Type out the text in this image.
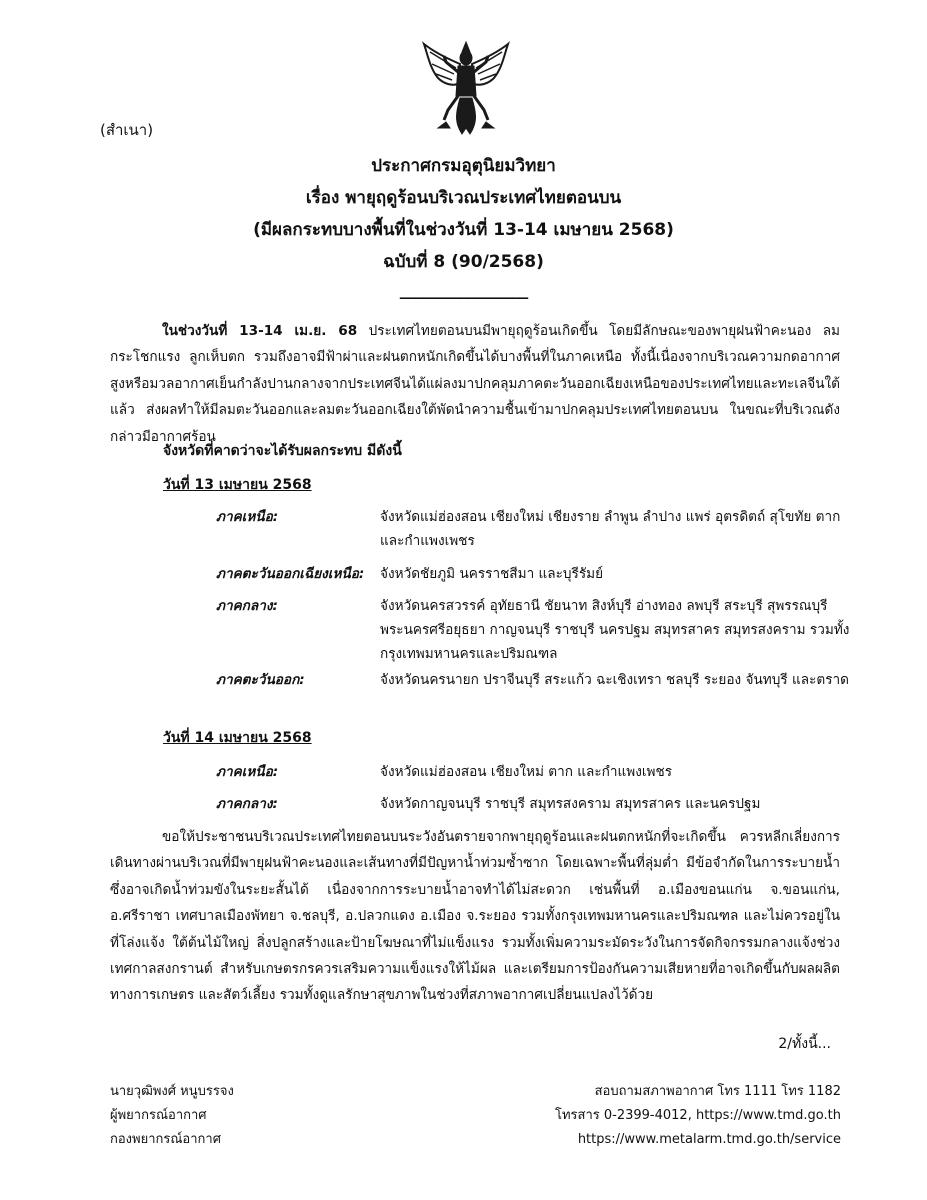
(สำเนา)
ประกาศกรมอุตุนิยมวิทยา
เรื่อง พายุฤดูร้อนบริเวณประเทศไทยตอนบน
(มีผลกระทบบางพื้นที่ในช่วงวันที่ 13-14 เมษายน 2568)
ฉบับที่ 8 (90/2568)
_________________
ในช่วงวันที่ 13-14 เม.ย. 68 ประเทศไทยตอนบนมีพายุฤดูร้อนเกิดขึ้น โดยมีลักษณะของพายุฝนฟ้าคะนอง ลมกระโชกแรง ลูกเห็บตก รวมถึงอาจมีฟ้าผ่าและฝนตกหนักเกิดขึ้นได้บางพื้นที่ในภาคเหนือ ทั้งนี้เนื่องจากบริเวณความกดอากาศสูงหรือมวลอากาศเย็นกำลังปานกลางจากประเทศจีนได้แผ่ลงมาปกคลุมภาคตะวันออกเฉียงเหนือของประเทศไทยและทะเลจีนใต้แล้ว ส่งผลทำให้มีลมตะวันออกและลมตะวันออกเฉียงใต้พัดนำความชื้นเข้ามาปกคลุมประเทศไทยตอนบน ในขณะที่บริเวณดังกล่าวมีอากาศร้อน
จังหวัดที่คาดว่าจะได้รับผลกระทบ มีดังนี้
วันที่ 13 เมษายน 2568
ภาคเหนือ:	จังหวัดแม่ฮ่องสอน เชียงใหม่ เชียงราย ลำพูน ลำปาง แพร่ อุตรดิตถ์ สุโขทัย ตาก และกำแพงเพชร
ภาคตะวันออกเฉียงเหนือ: จังหวัดชัยภูมิ นครราชสีมา และบุรีรัมย์
ภาคกลาง:	จังหวัดนครสวรรค์ อุทัยธานี ชัยนาท สิงห์บุรี อ่างทอง ลพบุรี สระบุรี สุพรรณบุรี พระนครศรีอยุธยา กาญจนบุรี ราชบุรี นครปฐม สมุทรสาคร สมุทรสงคราม รวมทั้งกรุงเทพมหานครและปริมณฑล
ภาคตะวันออก:	จังหวัดนครนายก ปราจีนบุรี สระแก้ว ฉะเชิงเทรา ชลบุรี ระยอง จันทบุรี และตราด
วันที่ 14 เมษายน 2568
ภาคเหนือ:	จังหวัดแม่ฮ่องสอน เชียงใหม่ ตาก และกำแพงเพชร
ภาคกลาง:	จังหวัดกาญจนบุรี ราชบุรี สมุทรสงคราม สมุทรสาคร และนครปฐม
ขอให้ประชาชนบริเวณประเทศไทยตอนบนระวังอันตรายจากพายุฤดูร้อนและฝนตกหนักที่จะเกิดขึ้น ควรหลีกเลี่ยงการเดินทางผ่านบริเวณที่มีพายุฝนฟ้าคะนองและเส้นทางที่มีปัญหาน้ำท่วมซ้ำซาก โดยเฉพาะพื้นที่ลุ่มต่ำ มีข้อจำกัดในการระบายน้ำซึ่งอาจเกิดน้ำท่วมขังในระยะสั้นได้ เนื่องจากการระบายน้ำอาจทำได้ไม่สะดวก เช่นพื้นที่ อ.เมืองขอนแก่น จ.ขอนแก่น, อ.ศรีราชา เทศบาลเมืองพัทยา จ.ชลบุรี, อ.ปลวกแดง อ.เมือง จ.ระยอง รวมทั้งกรุงเทพมหานครและปริมณฑล และไม่ควรอยู่ในที่โล่งแจ้ง ใต้ต้นไม้ใหญ่ สิ่งปลูกสร้างและป้ายโฆษณาที่ไม่แข็งแรง รวมทั้งเพิ่มความระมัดระวังในการจัดกิจกรรมกลางแจ้งช่วงเทศกาลสงกรานต์ สำหรับเกษตรกรควรเสริมความแข็งแรงให้ไม้ผล และเตรียมการป้องกันความเสียหายที่อาจเกิดขึ้นกับผลผลิตทางการเกษตร และสัตว์เลี้ยง รวมทั้งดูแลรักษาสุขภาพในช่วงที่สภาพอากาศเปลี่ยนแปลงไว้ด้วย
2/ทั้งนี้...
นายวุฒิพงศ์ หนูบรรจง
ผู้พยากรณ์อากาศ
กองพยากรณ์อากาศ
สอบถามสภาพอากาศ โทร 1111 โทร 1182
โทรสาร 0-2399-4012, https://www.tmd.go.th
https://www.metalarm.tmd.go.th/service
